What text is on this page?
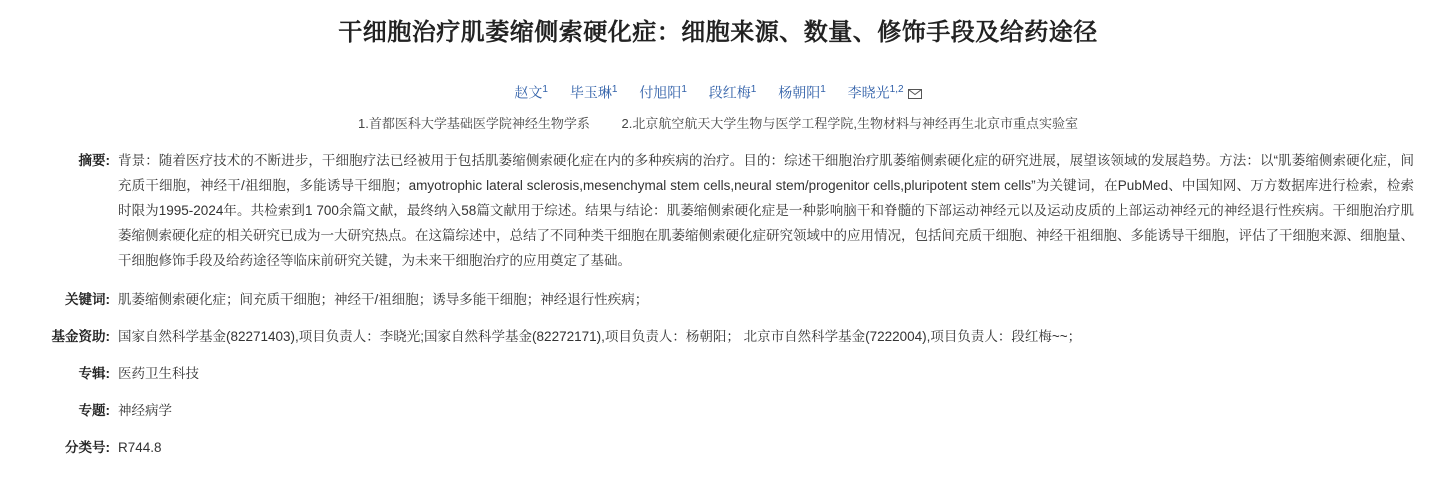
干细胞治疗肌萎缩侧索硬化症：细胞来源、数量、修饰手段及给药途径
赵文$^1$ 毕玉琳$^1$ 付旭阳$^1$ 段红梅$^1$ 杨朝阳$^1$ 李晓光$^{1,2}$
1.首都医科大学基础医学院神经生物学系 2.北京航空航天大学生物与医学工程学院,生物材料与神经再生北京市重点实验室
摘要: 背景：随着医疗技术的不断进步，干细胞疗法已经被用于包括肌萎缩侧索硬化症在内的多种疾病的治疗。目的：综述干细胞治疗肌萎缩侧索硬化症的研究进展，展望该领域的发展趋势。方法：以“肌萎缩侧索硬化症，间充质干细胞，神经干/祖细胞，多能诱导干细胞；amyotrophic lateral sclerosis,mesenchymal stem cells,neural stem/progenitor cells,pluripotent stem cells”为关键词，在PubMed、中国知网、万方数据库进行检索，检索时限为1995-2024年。共检索到1 700余篇文献，最终纳入58篇文献用于综述。结果与结论：肌萎缩侧索硬化症是一种影响脑干和脊髓的下部运动神经元以及运动皮质的上部运动神经元的神经退行性疾病。干细胞治疗肌萎缩侧索硬化症的相关研究已成为一大研究热点。在这篇综述中，总结了不同种类干细胞在肌萎缩侧索硬化症研究领域中的应用情况，包括间充质干细胞、神经干祖细胞、多能诱导干细胞，评估了干细胞来源、细胞量、干细胞修饰手段及给药途径等临床前研究关键，为未来干细胞治疗的应用奠定了基础。
关键词: 肌萎缩侧索硬化症；间充质干细胞；神经干/祖细胞；诱导多能干细胞；神经退行性疾病；
基金资助: 国家自然科学基金(82271403),项目负责人：李晓光;国家自然科学基金(82272171),项目负责人：杨朝阳； 北京市自然科学基金(7222004),项目负责人：段红梅~~；
专辑: 医药卫生科技
专题: 神经病学
分类号: R744.8
